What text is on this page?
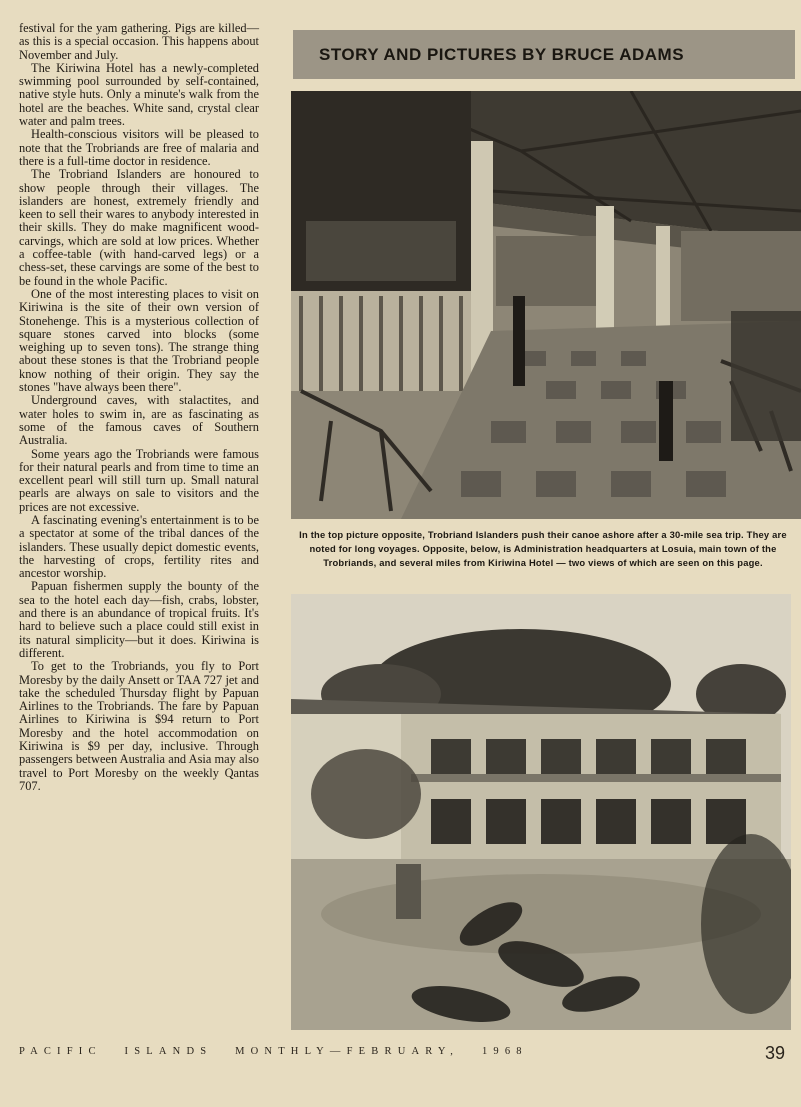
festival for the yam gathering. Pigs are killed—as this is a special occasion. This happens about November and July.

The Kiriwina Hotel has a newly-completed swimming pool surrounded by self-contained, native style huts. Only a minute's walk from the hotel are the beaches. White sand, crystal clear water and palm trees.

Health-conscious visitors will be pleased to note that the Trobriands are free of malaria and there is a full-time doctor in residence.

The Trobriand Islanders are honoured to show people through their villages. The islanders are honest, extremely friendly and keen to sell their wares to anybody interested in their skills. They do make magnificent wood-carvings, which are sold at low prices. Whether a coffee-table (with hand-carved legs) or a chess-set, these carvings are some of the best to be found in the whole Pacific.

One of the most interesting places to visit on Kiriwina is the site of their own version of Stonehenge. This is a mysterious collection of square stones carved into blocks (some weighing up to seven tons). The strange thing about these stones is that the Trobriand people know nothing of their origin. They say the stones "have always been there".

Underground caves, with stalactites, and water holes to swim in, are as fascinating as some of the famous caves of Southern Australia.

Some years ago the Trobriands were famous for their natural pearls and from time to time an excellent pearl will still turn up. Small natural pearls are always on sale to visitors and the prices are not excessive.

A fascinating evening's entertainment is to be a spectator at some of the tribal dances of the islanders. These usually depict domestic events, the harvesting of crops, fertility rites and ancestor worship.

Papuan fishermen supply the bounty of the sea to the hotel each day—fish, crabs, lobster, and there is an abundance of tropical fruits. It's hard to believe such a place could still exist in its natural simplicity—but it does. Kiriwina is different.

To get to the Trobriands, you fly to Port Moresby by the daily Ansett or TAA 727 jet and take the scheduled Thursday flight by Papuan Airlines to the Trobriands. The fare by Papuan Airlines to Kiriwina is $94 return to Port Moresby and the hotel accommodation on Kiriwina is $9 per day, inclusive. Through passengers between Australia and Asia may also travel to Port Moresby on the weekly Qantas 707.

STORY AND PICTURES BY BRUCE ADAMS
In the top picture opposite, Trobriand Islanders push their canoe ashore after a 30-mile sea trip. They are noted for long voyages. Opposite, below, is Administration headquarters at Losuia, main town of the Trobriands, and several miles from Kiriwina Hotel — two views of which are seen on this page.
PACIFIC ISLANDS MONTHLY—FEBRUARY, 1968	39
